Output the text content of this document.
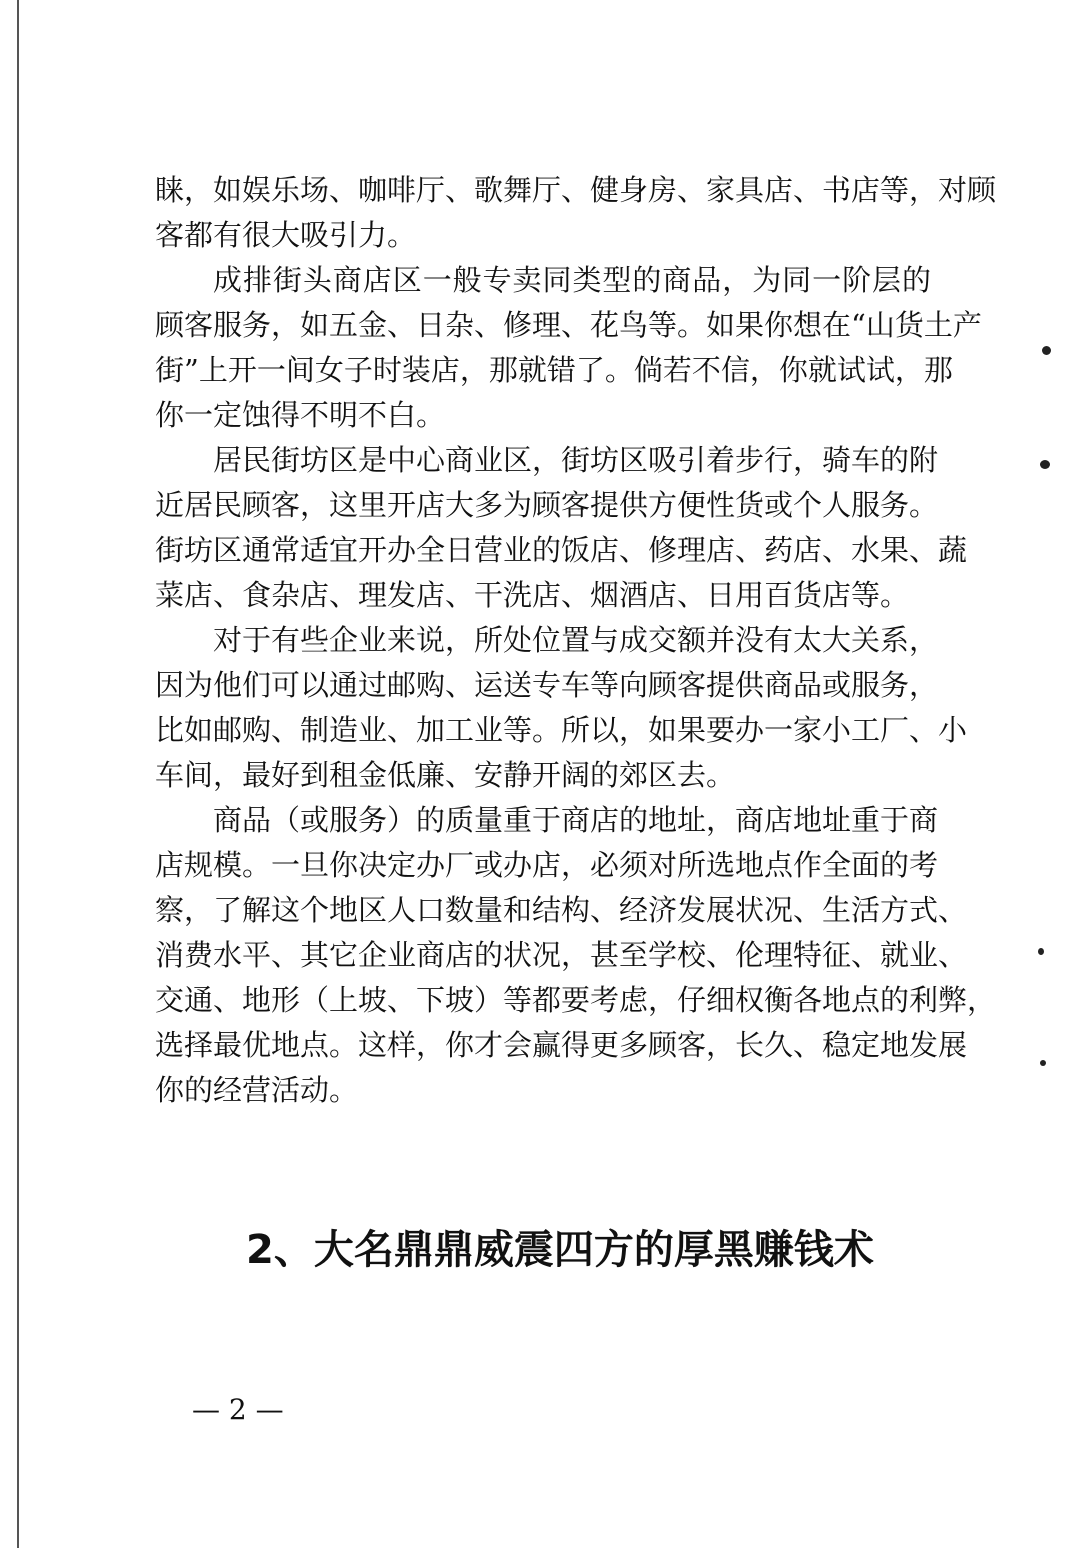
睐，如娱乐场、咖啡厅、歌舞厅、健身房、家具店、书店等，对顾
客都有很大吸引力。
成排街头商店区一般专卖同类型的商品，为同一阶层的
顾客服务，如五金、日杂、修理、花鸟等。如果你想在“山货土产
街”上开一间女子时装店，那就错了。倘若不信，你就试试，那
你一定蚀得不明不白。
居民街坊区是中心商业区，街坊区吸引着步行，骑车的附
近居民顾客，这里开店大多为顾客提供方便性货或个人服务。
街坊区通常适宜开办全日营业的饭店、修理店、药店、水果、蔬
菜店、食杂店、理发店、干洗店、烟酒店、日用百货店等。
对于有些企业来说，所处位置与成交额并没有太大关系，
因为他们可以通过邮购、运送专车等向顾客提供商品或服务，
比如邮购、制造业、加工业等。所以，如果要办一家小工厂、小
车间，最好到租金低廉、安静开阔的郊区去。
商品（或服务）的质量重于商店的地址，商店地址重于商
店规模。一旦你决定办厂或办店，必须对所选地点作全面的考
察，了解这个地区人口数量和结构、经济发展状况、生活方式、
消费水平、其它企业商店的状况，甚至学校、伦理特征、就业、
交通、地形（上坡、下坡）等都要考虑，仔细权衡各地点的利弊，
选择最优地点。这样，你才会赢得更多顾客，长久、稳定地发展
你的经营活动。
2、大名鼎鼎威震四方的厚黑赚钱术
— 2 —
